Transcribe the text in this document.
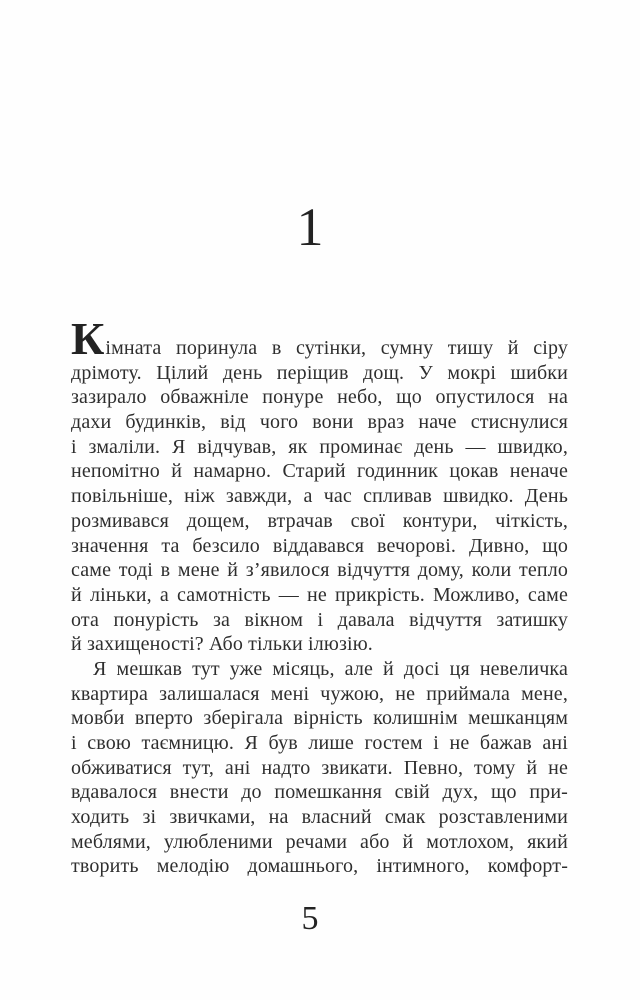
1
Кімната поринула в сутінки, сумну тишу й сіру
дрімоту. Цілий день періщив дощ. У мокрі шибки
зазирало обважніле понуре небо, що опустилося на
дахи будинків, від чого вони враз наче стиснулися
і змаліли. Я відчував, як проминає день — швидко,
непомітно й намарно. Старий годинник цокав неначе
повільніше, ніж завжди, а час спливав швидко. День
розмивався дощем, втрачав свої контури, чіткість,
значення та безсило віддавався вечорові. Дивно, що
саме тоді в мене й з’явилося відчуття дому, коли тепло
й ліньки, а самотність — не прикрість. Можливо, саме
ота понурість за вікном і давала відчуття затишку
й захищеності? Або тільки ілюзію.
Я мешкав тут уже місяць, але й досі ця невеличка
квартира залишалася мені чужою, не приймала мене,
мовби вперто зберігала вірність колишнім мешканцям
і свою таємницю. Я був лише гостем і не бажав ані
обживатися тут, ані надто звикати. Певно, тому й не
вдавалося внести до помешкання свій дух, що при-
ходить зі звичками, на власний смак розставленими
меблями, улюбленими речами або й мотлохом, який
творить мелодію домашнього, інтимного, комфорт-
5
